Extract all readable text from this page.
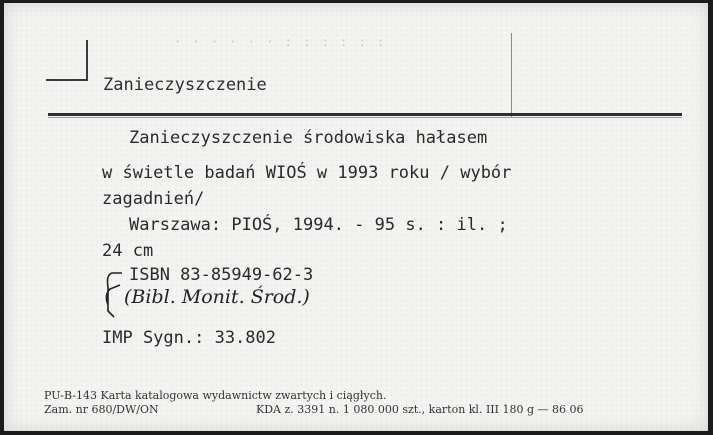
· · · · · · : : : : : :
Zanieczyszczenie
Zanieczyszczenie środowiska hałasem
w świetle badań WIOŚ w 1993 roku / wybór
zagadnień/
Warszawa: PIOŚ, 1994. - 95 s. : il. ;
24 cm
ISBN 83-85949-62-3
(Bibl. Monit. Środ.)
IMP Sygn.: 33.802
PU-B-143 Karta katalogowa wydawnictw zwartych i ciągłych.
Zam. nr 680/DW/ON	KDA z. 3391 n. 1 080 000 szt., karton kl. III 180 g — 86 06
